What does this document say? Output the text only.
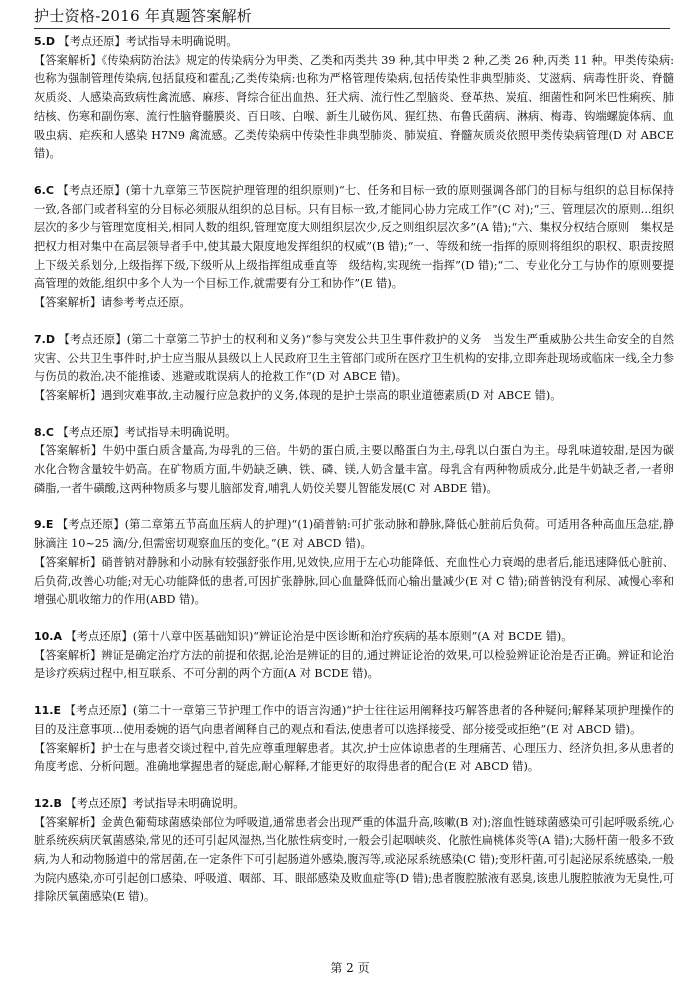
护士资格-2016 年真题答案解析

5.D 【考点还原】考试指导未明确说明。

【答案解析】《传染病防治法》规定的传染病分为甲类、乙类和丙类共 39 种,其中甲类 2 种,乙类 26 种,丙类 11 种。甲类传染病:也称为强制管理传染病,包括鼠疫和霍乱;乙类传染病:也称为严格管理传染病,包括传染性非典型肺炎、艾滋病、病毒性肝炎、脊髓灰质炎、人感染高致病性禽流感、麻疹、肾综合征出血热、狂犬病、流行性乙型脑炎、登革热、炭疽、细菌性和阿米巴性痢疾、肺结核、伤寒和副伤寒、流行性脑脊髓膜炎、百日咳、白喉、新生儿破伤风、猩红热、布鲁氏菌病、淋病、梅毒、钩端螺旋体病、血吸虫病、疟疾和人感染 H7N9 禽流感。乙类传染病中传染性非典型肺炎、肺炭疽、脊髓灰质炎依照甲类传染病管理(D 对 ABCE 错)。

6.C 【考点还原】(第十九章第三节医院护理管理的组织原则)“七、任务和目标一致的原则强调各部门的目标与组织的总目标保持一致,各部门或者科室的分目标必须服从组织的总目标。只有目标一致,才能同心协力完成工作”(C 对);“三、管理层次的原则...组织层次的多少与管理宽度相关,相同人数的组织,管理宽度大则组织层次少,反之则组织层次多”(A 错);“六、集权分权结合原则　集权是把权力相对集中在高层领导者手中,使其最大限度地发挥组织的权威”(B 错);“一、等级和统一指挥的原则将组织的职权、职责按照上下级关系划分,上级指挥下级,下级听从上级指挥组成垂直等　级结构,实现统一指挥”(D 错);“二、专业化分工与协作的原则要提高管理的效能,组织中多个人为一个目标工作,就需要有分工和协作”(E 错)。

【答案解析】请参考考点还原。

7.D 【考点还原】(第二十章第二节护士的权利和义务)“参与突发公共卫生事件救护的义务　当发生严重威胁公共生命安全的自然灾害、公共卫生事件时,护士应当服从县级以上人民政府卫生主管部门或所在医疗卫生机构的安排,立即奔赴现场或临床一线,全力参与伤员的救治,决不能推诿、逃避或耽误病人的抢救工作”(D 对 ABCE 错)。

【答案解析】遇到灾难事故,主动履行应急救护的义务,体现的是护士崇高的职业道德素质(D 对 ABCE 错)。

8.C 【考点还原】考试指导未明确说明。

【答案解析】牛奶中蛋白质含量高,为母乳的三倍。牛奶的蛋白质,主要以酪蛋白为主,母乳以白蛋白为主。母乳味道较甜,是因为碳水化合物含量较牛奶高。在矿物质方面,牛奶缺乏碘、铁、磷、镁,人奶含量丰富。母乳含有两种物质成分,此是牛奶缺乏者,一者卵磷脂,一者牛磺酸,这两种物质多与婴儿脑部发育,哺乳人奶佼关婴儿智能发展(C 对 ABDE 错)。

9.E 【考点还原】(第二章第五节高血压病人的护理)“(1)硝普钠:可扩张动脉和静脉,降低心脏前后负荷。可适用各种高血压急症,静脉滴注 10~25 滴/分,但需密切观察血压的变化。”(E 对 ABCD 错)。

【答案解析】硝普钠对静脉和小动脉有较强舒张作用,见效快,应用于左心功能降低、充血性心力衰竭的患者后,能迅速降低心脏前、后负荷,改善心功能;对无心功能降低的患者,可因扩张静脉,回心血量降低而心输出量减少(E 对 C 错);硝普钠没有利尿、减慢心率和增强心肌收缩力的作用(ABD 错)。

10.A 【考点还原】(第十八章中医基础知识)“辨证论治是中医诊断和治疗疾病的基本原则”(A 对 BCDE 错)。

【答案解析】辨证是确定治疗方法的前提和依据,论治是辨证的目的,通过辨证论治的效果,可以检验辨证论治是否正确。辨证和论治是诊疗疾病过程中,相互联系、不可分割的两个方面(A 对 BCDE 错)。

11.E 【考点还原】(第二十一章第三节护理工作中的语言沟通)“护士往往运用阐释技巧解答患者的各种疑问;解释某项护理操作的目的及注意事项...使用委婉的语气向患者阐释自己的观点和看法,使患者可以选择接受、部分接受或拒绝”(E 对 ABCD 错)。

【答案解析】护士在与患者交谈过程中,首先应尊重理解患者。其次,护士应体谅患者的生理痛苦、心理压力、经济负担,多从患者的角度考虑、分析问题。准确地掌握患者的疑虑,耐心解释,才能更好的取得患者的配合(E 对 ABCD 错)。

12.B 【考点还原】考试指导未明确说明。

【答案解析】金黄色葡萄球菌感染部位为呼吸道,通常患者会出现严重的体温升高,咳嗽(B 对);溶血性链球菌感染可引起呼吸系统,心脏系统疾病厌氧菌感染,常见的还可引起风湿热,当化脓性病变时,一般会引起咽峡炎、化脓性扁桃体炎等(A 错);大肠杆菌一般多不致病,为人和动物肠道中的常居菌,在一定条件下可引起肠道外感染,腹泻等,或泌尿系统感染(C 错);变形杆菌,可引起泌尿系统感染,一般为院内感染,亦可引起创口感染、呼吸道、咽部、耳、眼部感染及败血症等(D 错);患者腹腔脓液有恶臭,该患儿腹腔脓液为无臭性,可排除厌氧菌感染(E 错)。

第 2 页
